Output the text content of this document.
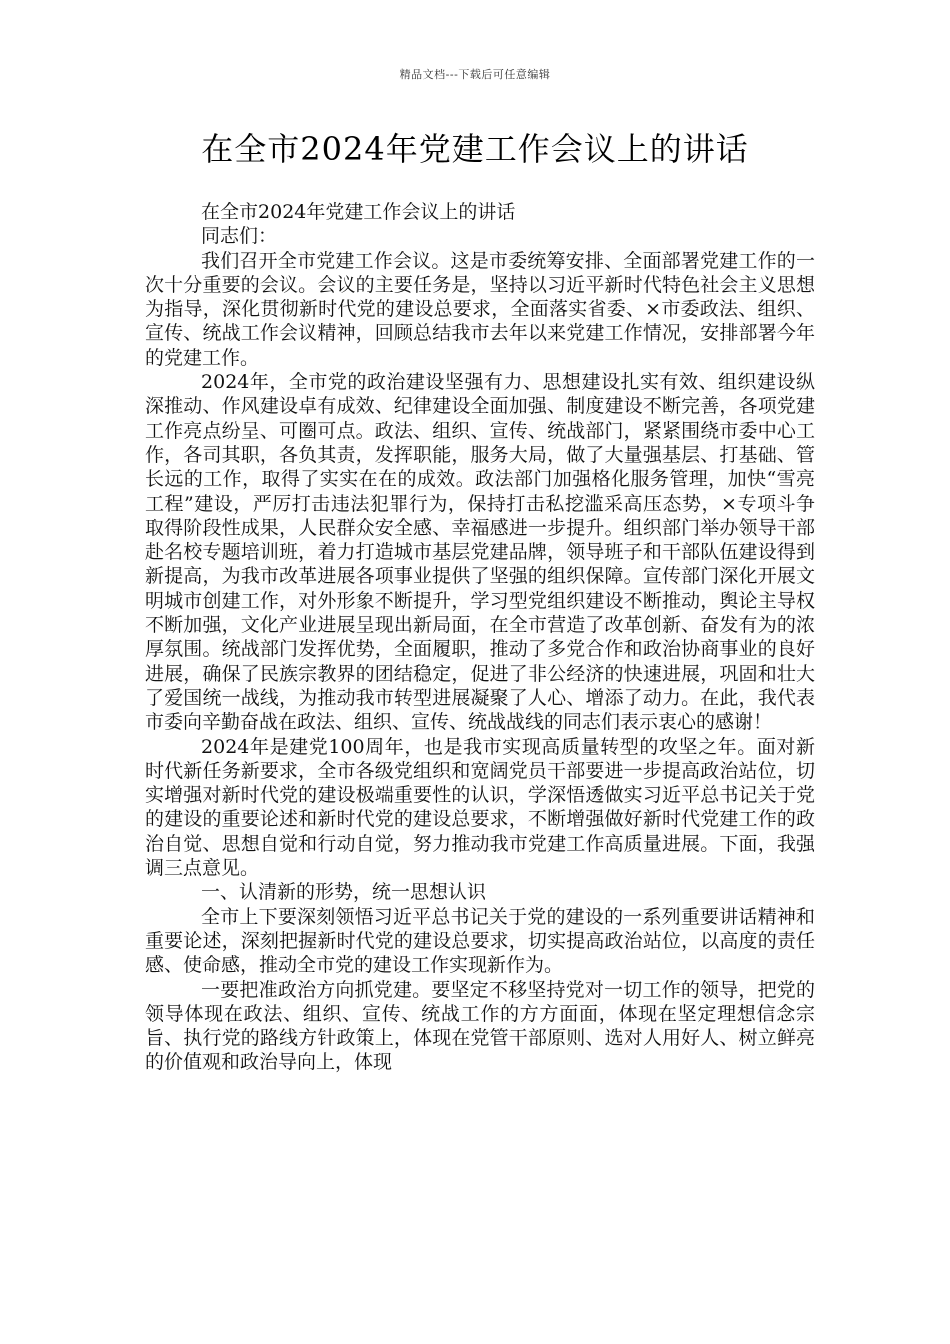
精品文档---下载后可任意编辑
在全市2024年党建工作会议上的讲话

在全市2024年党建工作会议上的讲话

同志们：

我们召开全市党建工作会议。这是市委统筹安排、全面部署党建工作的一次十分重要的会议。会议的主要任务是，坚持以习近平新时代特色社会主义思想为指导，深化贯彻新时代党的建设总要求，全面落实省委、×市委政法、组织、宣传、统战工作会议精神，回顾总结我市去年以来党建工作情况，安排部署今年的党建工作。

2024年，全市党的政治建设坚强有力、思想建设扎实有效、组织建设纵深推动、作风建设卓有成效、纪律建设全面加强、制度建设不断完善，各项党建工作亮点纷呈、可圈可点。政法、组织、宣传、统战部门，紧紧围绕市委中心工作，各司其职，各负其责，发挥职能，服务大局，做了大量强基层、打基础、管长远的工作，取得了实实在在的成效。政法部门加强格化服务管理，加快“雪亮工程”建设，严厉打击违法犯罪行为，保持打击私挖滥采高压态势，×专项斗争取得阶段性成果，人民群众安全感、幸福感进一步提升。组织部门举办领导干部赴名校专题培训班，着力打造城市基层党建品牌，领导班子和干部队伍建设得到新提高，为我市改革进展各项事业提供了坚强的组织保障。宣传部门深化开展文明城市创建工作，对外形象不断提升，学习型党组织建设不断推动，舆论主导权不断加强，文化产业进展呈现出新局面，在全市营造了改革创新、奋发有为的浓厚氛围。统战部门发挥优势，全面履职，推动了多党合作和政治协商事业的良好进展，确保了民族宗教界的团结稳定，促进了非公经济的快速进展，巩固和壮大了爱国统一战线，为推动我市转型进展凝聚了人心、增添了动力。在此，我代表市委向辛勤奋战在政法、组织、宣传、统战战线的同志们表示衷心的感谢！

2024年是建党100周年，也是我市实现高质量转型的攻坚之年。面对新时代新任务新要求，全市各级党组织和宽阔党员干部要进一步提高政治站位，切实增强对新时代党的建设极端重要性的认识，学深悟透做实习近平总书记关于党的建设的重要论述和新时代党的建设总要求，不断增强做好新时代党建工作的政治自觉、思想自觉和行动自觉，努力推动我市党建工作高质量进展。下面，我强调三点意见。

一、认清新的形势，统一思想认识

全市上下要深刻领悟习近平总书记关于党的建设的一系列重要讲话精神和重要论述，深刻把握新时代党的建设总要求，切实提高政治站位，以高度的责任感、使命感，推动全市党的建设工作实现新作为。

一要把准政治方向抓党建。要坚定不移坚持党对一切工作的领导，把党的领导体现在政法、组织、宣传、统战工作的方方面面，体现在坚定理想信念宗旨、执行党的路线方针政策上，体现在党管干部原则、选对人用好人、树立鲜亮的价值观和政治导向上，体现
